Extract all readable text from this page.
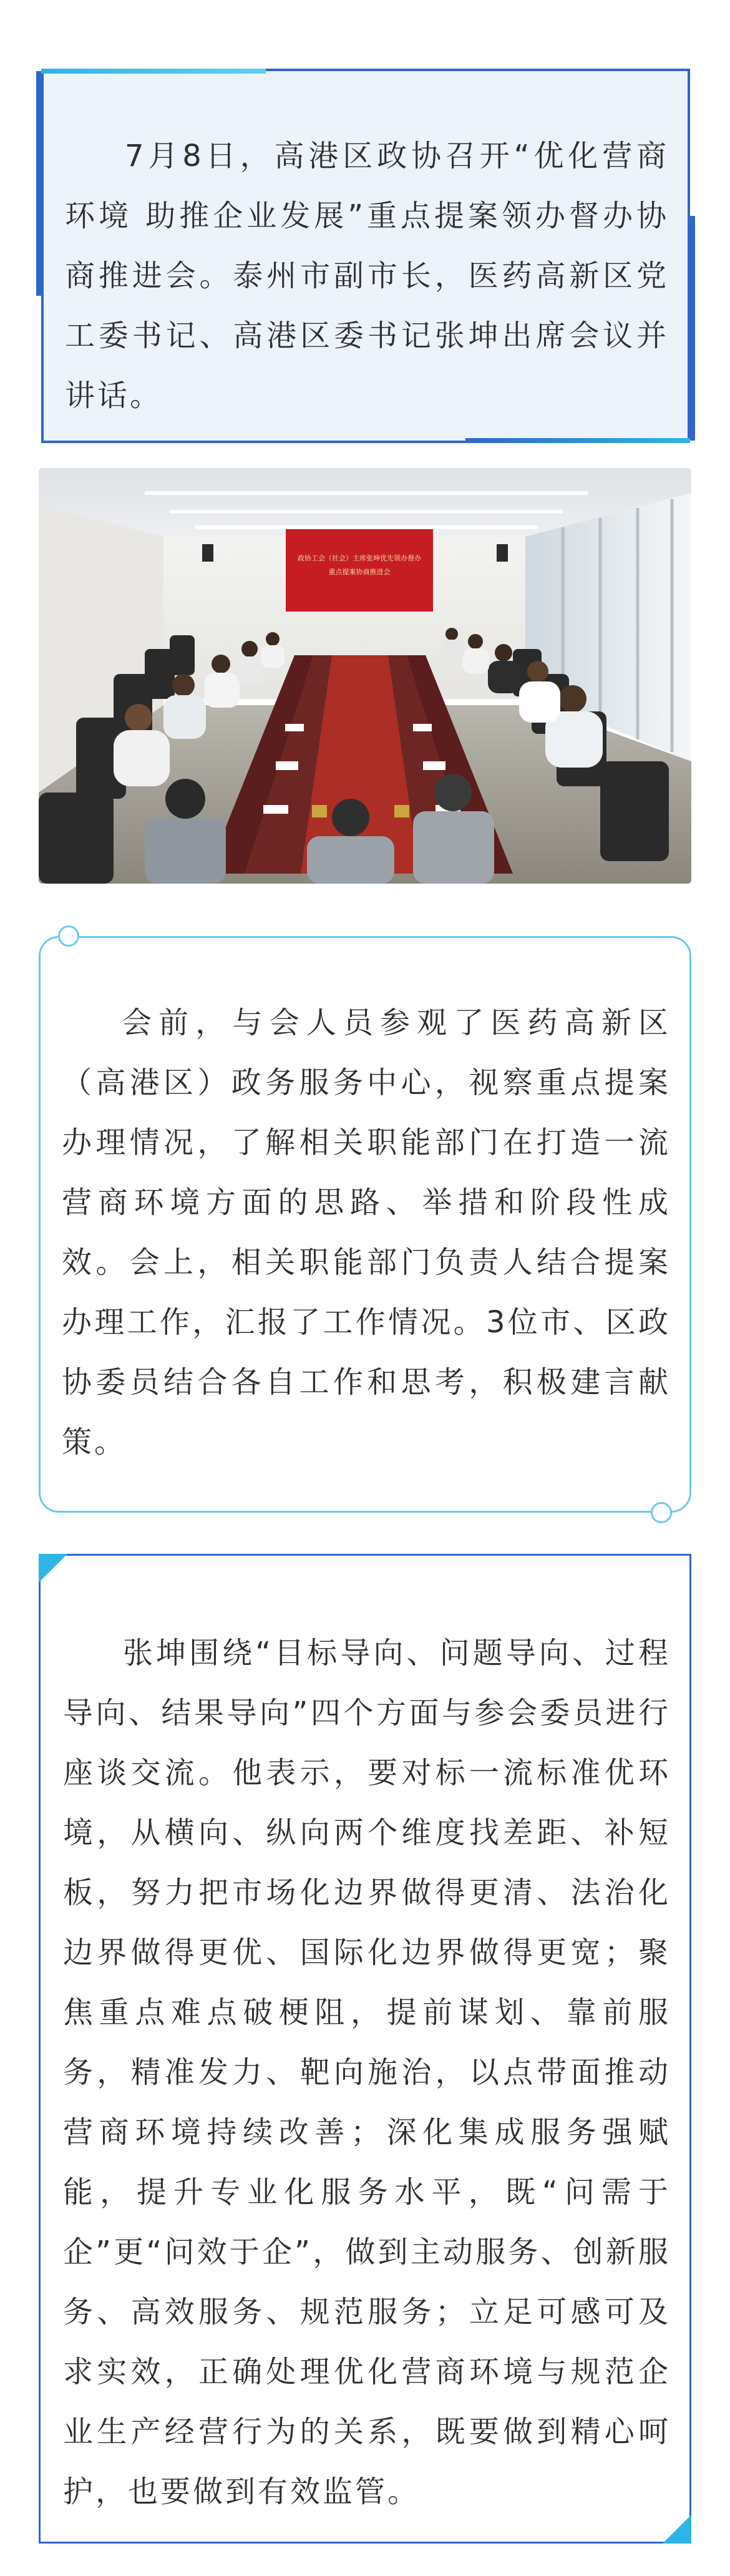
7月8日，高港区政协召开“优化营商环境 助推企业发展”重点提案领办督办协商推进会。泰州市副市长，医药高新区党工委书记、高港区委书记张坤出席会议并讲话。

政协工会（社会）主席张坤优先领办督办
重点提案协商推进会

会前，与会人员参观了医药高新区（高港区）政务服务中心，视察重点提案办理情况，了解相关职能部门在打造一流营商环境方面的思路、举措和阶段性成效。会上，相关职能部门负责人结合提案办理工作，汇报了工作情况。3位市、区政协委员结合各自工作和思考，积极建言献策。

张坤围绕“目标导向、问题导向、过程导向、结果导向”四个方面与参会委员进行座谈交流。他表示，要对标一流标准优环境，从横向、纵向两个维度找差距、补短板，努力把市场化边界做得更清、法治化边界做得更优、国际化边界做得更宽；聚焦重点难点破梗阻，提前谋划、靠前服务，精准发力、靶向施治，以点带面推动营商环境持续改善；深化集成服务强赋能，提升专业化服务水平，既“问需于企”更“问效于企”，做到主动服务、创新服务、高效服务、规范服务；立足可感可及求实效，正确处理优化营商环境与规范企业生产经营行为的关系，既要做到精心呵护，也要做到有效监管。
